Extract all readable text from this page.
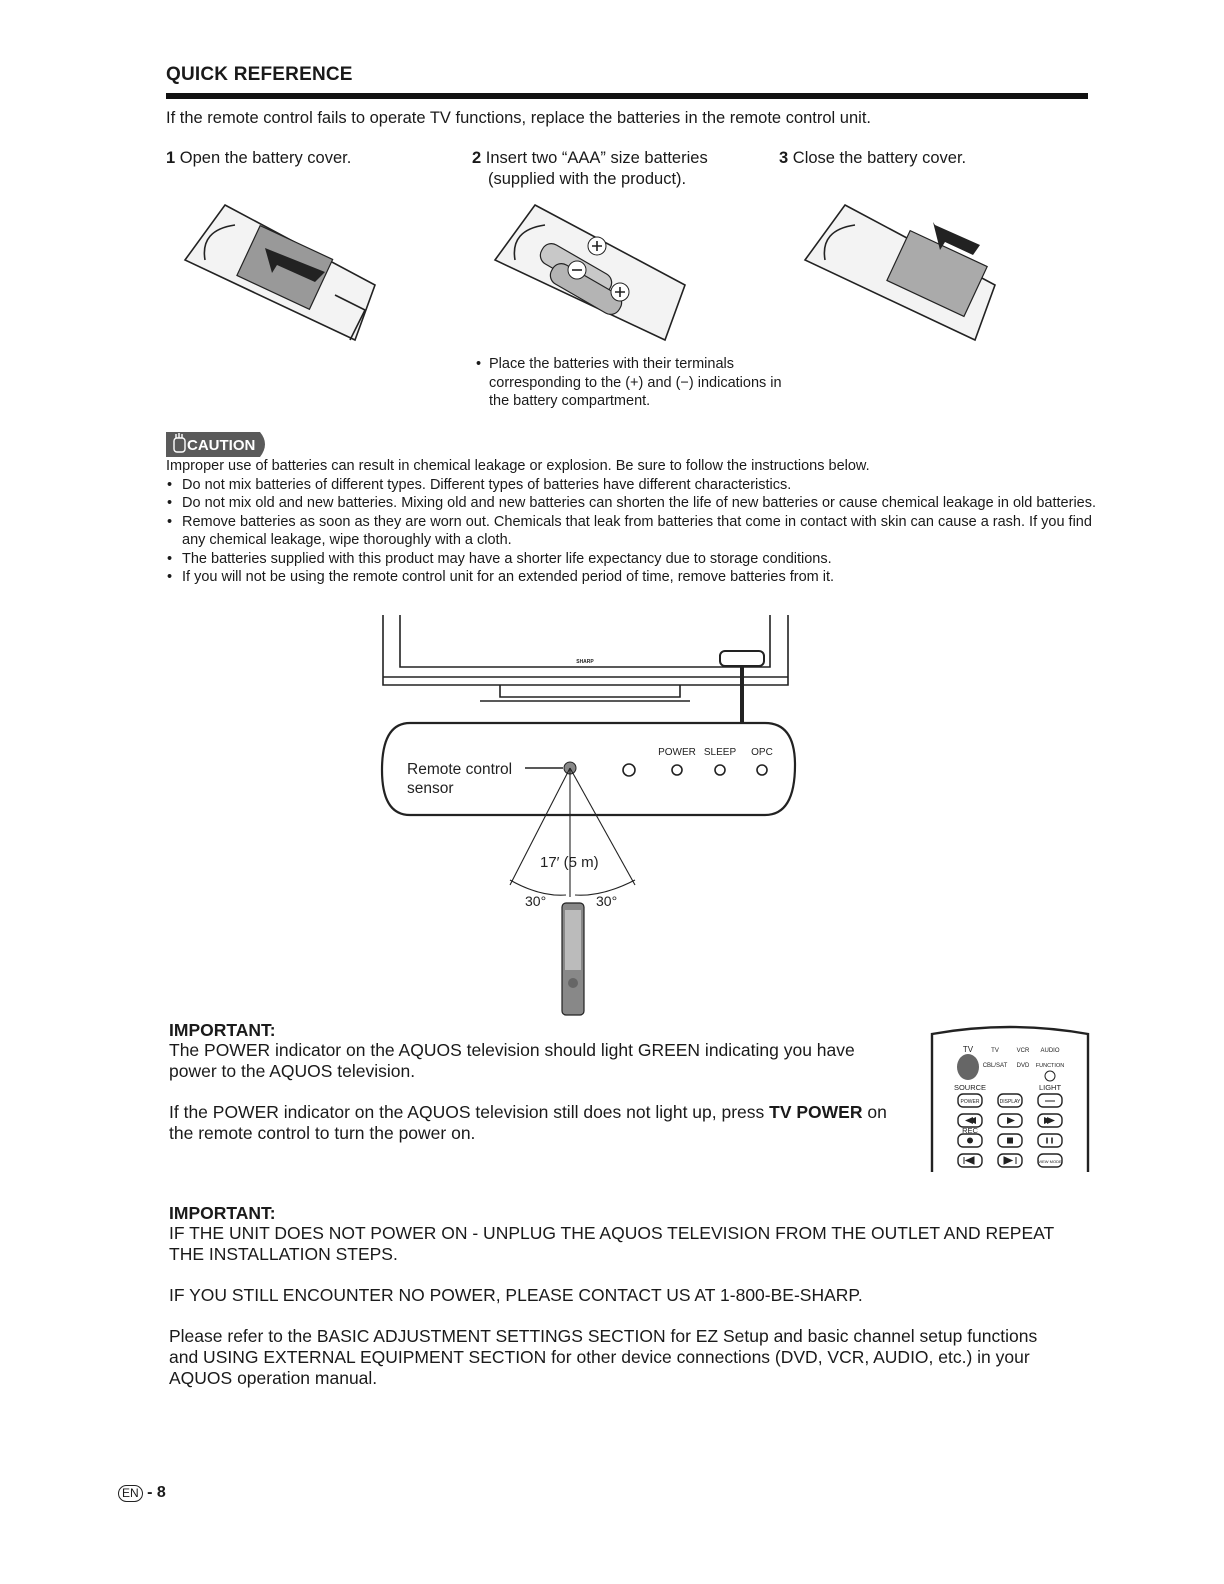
QUICK REFERENCE
If the remote control fails to operate TV functions, replace the batteries in the remote control unit.
1 Open the battery cover.	2 Insert two “AAA” size batteries
(supplied with the product).
3 Close the battery cover.
• Place the batteries with their terminals corresponding to the (+) and (−) indications in the battery compartment.
CAUTION
Improper use of batteries can result in chemical leakage or explosion. Be sure to follow the instructions below.
• Do not mix batteries of different types. Different types of batteries have different characteristics.
• Do not mix old and new batteries. Mixing old and new batteries can shorten the life of new batteries or cause chemical leakage in old batteries.
• Remove batteries as soon as they are worn out. Chemicals that leak from batteries that come in contact with skin can cause a rash. If you find any chemical leakage, wipe thoroughly with a cloth.
• The batteries supplied with this product may have a shorter life expectancy due to storage conditions.
• If you will not be using the remote control unit for an extended period of time, remove batteries from it.
SHARP
Remote control
sensor
POWER SLEEP OPC
17′ (5 m)
30°	30°
IMPORTANT:
The POWER indicator on the AQUOS television should light GREEN indicating you have power to the AQUOS television.
If the POWER indicator on the AQUOS television still does not light up, press TV POWER on the remote control to turn the power on.
TV	TV	VCR AUDIO
CBL/SAT DVD FUNCTION
SOURCE	LIGHT
REC
POWER	DISPLAY
VIEW MODE
IMPORTANT:
IF THE UNIT DOES NOT POWER ON - UNPLUG THE AQUOS TELEVISION FROM THE OUTLET AND REPEAT THE INSTALLATION STEPS.
IF YOU STILL ENCOUNTER NO POWER, PLEASE CONTACT US AT 1-800-BE-SHARP.
Please refer to the BASIC ADJUSTMENT SETTINGS SECTION for EZ Setup and basic channel setup functions and USING EXTERNAL EQUIPMENT SECTION for other device connections (DVD, VCR, AUDIO, etc.) in your AQUOS operation manual.
EN - 8
